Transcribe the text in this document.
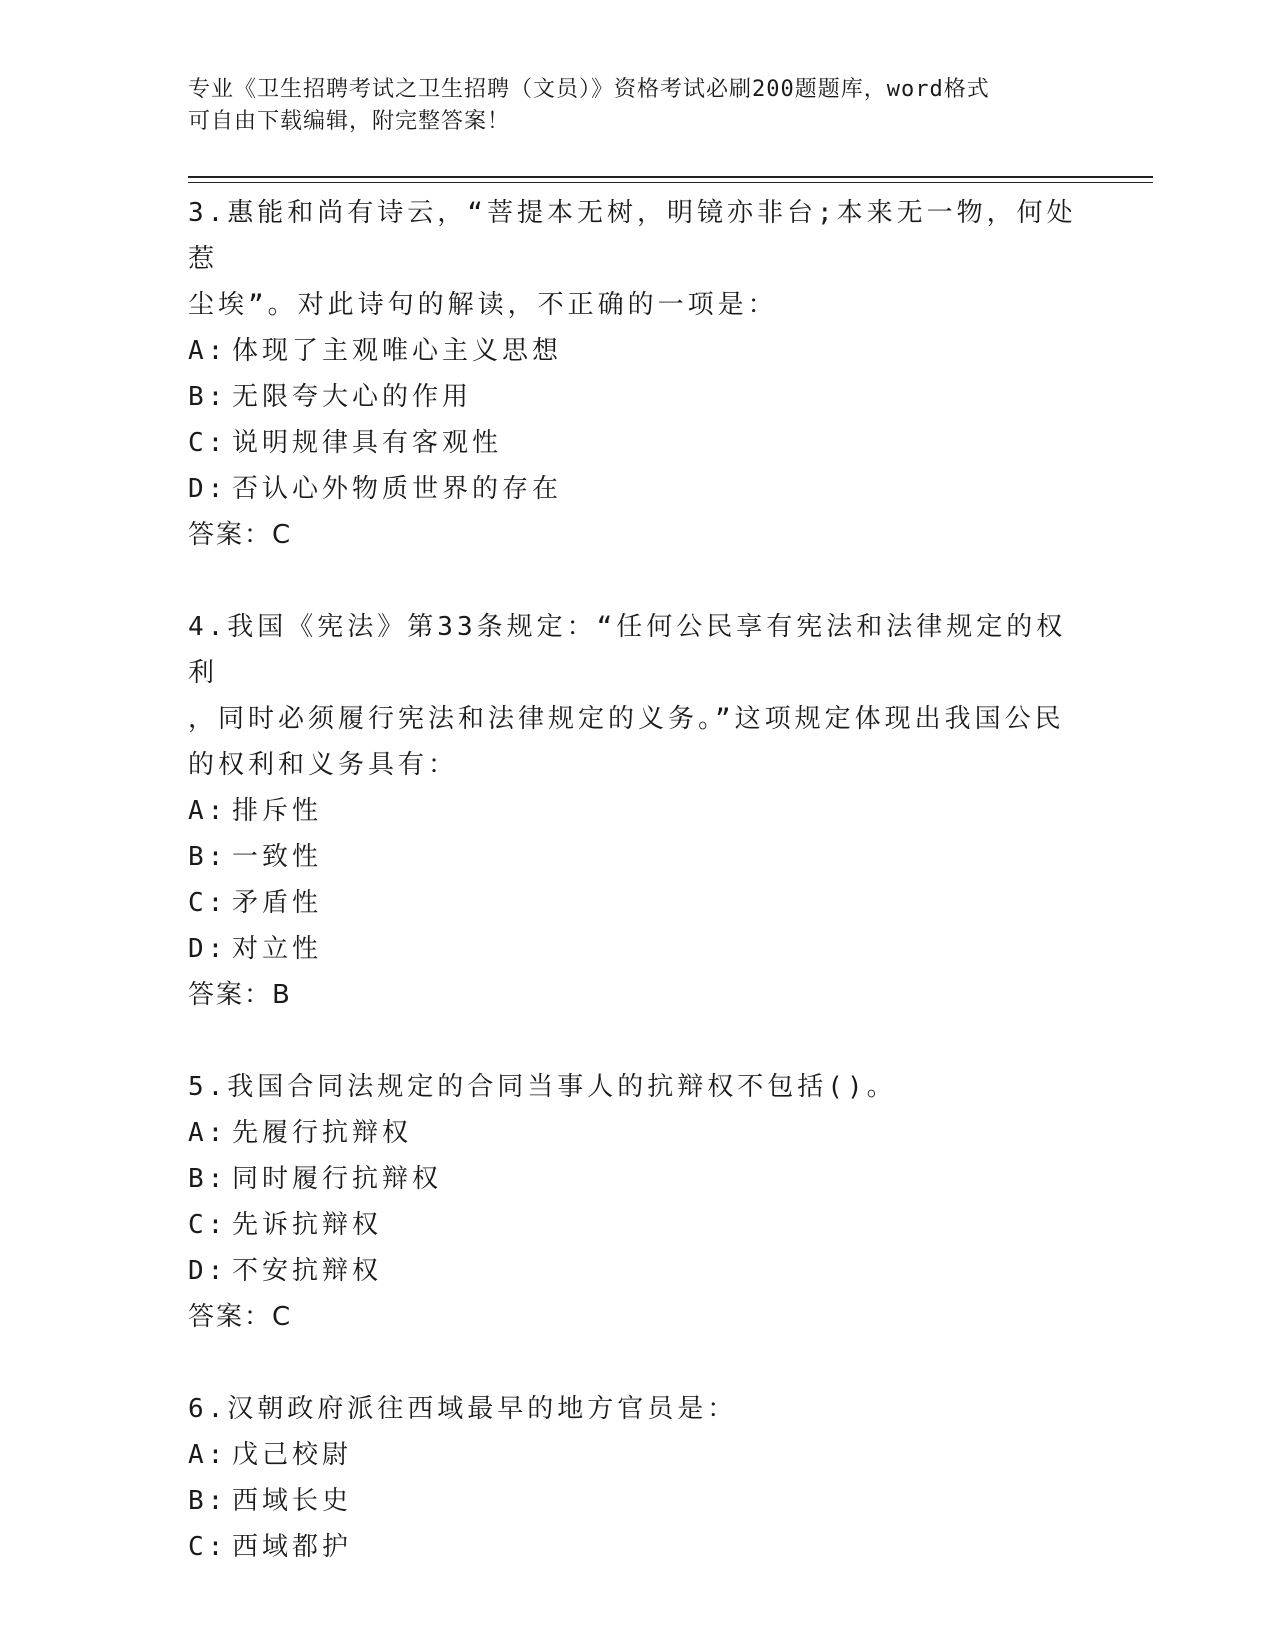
专业《卫生招聘考试之卫生招聘（文员）》资格考试必刷200题题库，word格式
可自由下载编辑，附完整答案！
3.惠能和尚有诗云，“菩提本无树，明镜亦非台;本来无一物，何处惹
尘埃”。对此诗句的解读，不正确的一项是：
A: 体现了主观唯心主义思想
B: 无限夸大心的作用
C: 说明规律具有客观性
D: 否认心外物质世界的存在
答案：C
4.我国《宪法》第33条规定：“任何公民享有宪法和法律规定的权利
，同时必须履行宪法和法律规定的义务。”这项规定体现出我国公民
的权利和义务具有：
A: 排斥性
B: 一致性
C: 矛盾性
D: 对立性
答案：B
5.我国合同法规定的合同当事人的抗辩权不包括()。
A: 先履行抗辩权
B: 同时履行抗辩权
C: 先诉抗辩权
D: 不安抗辩权
答案：C
6.汉朝政府派往西域最早的地方官员是：
A: 戊己校尉
B: 西域长史
C: 西域都护
